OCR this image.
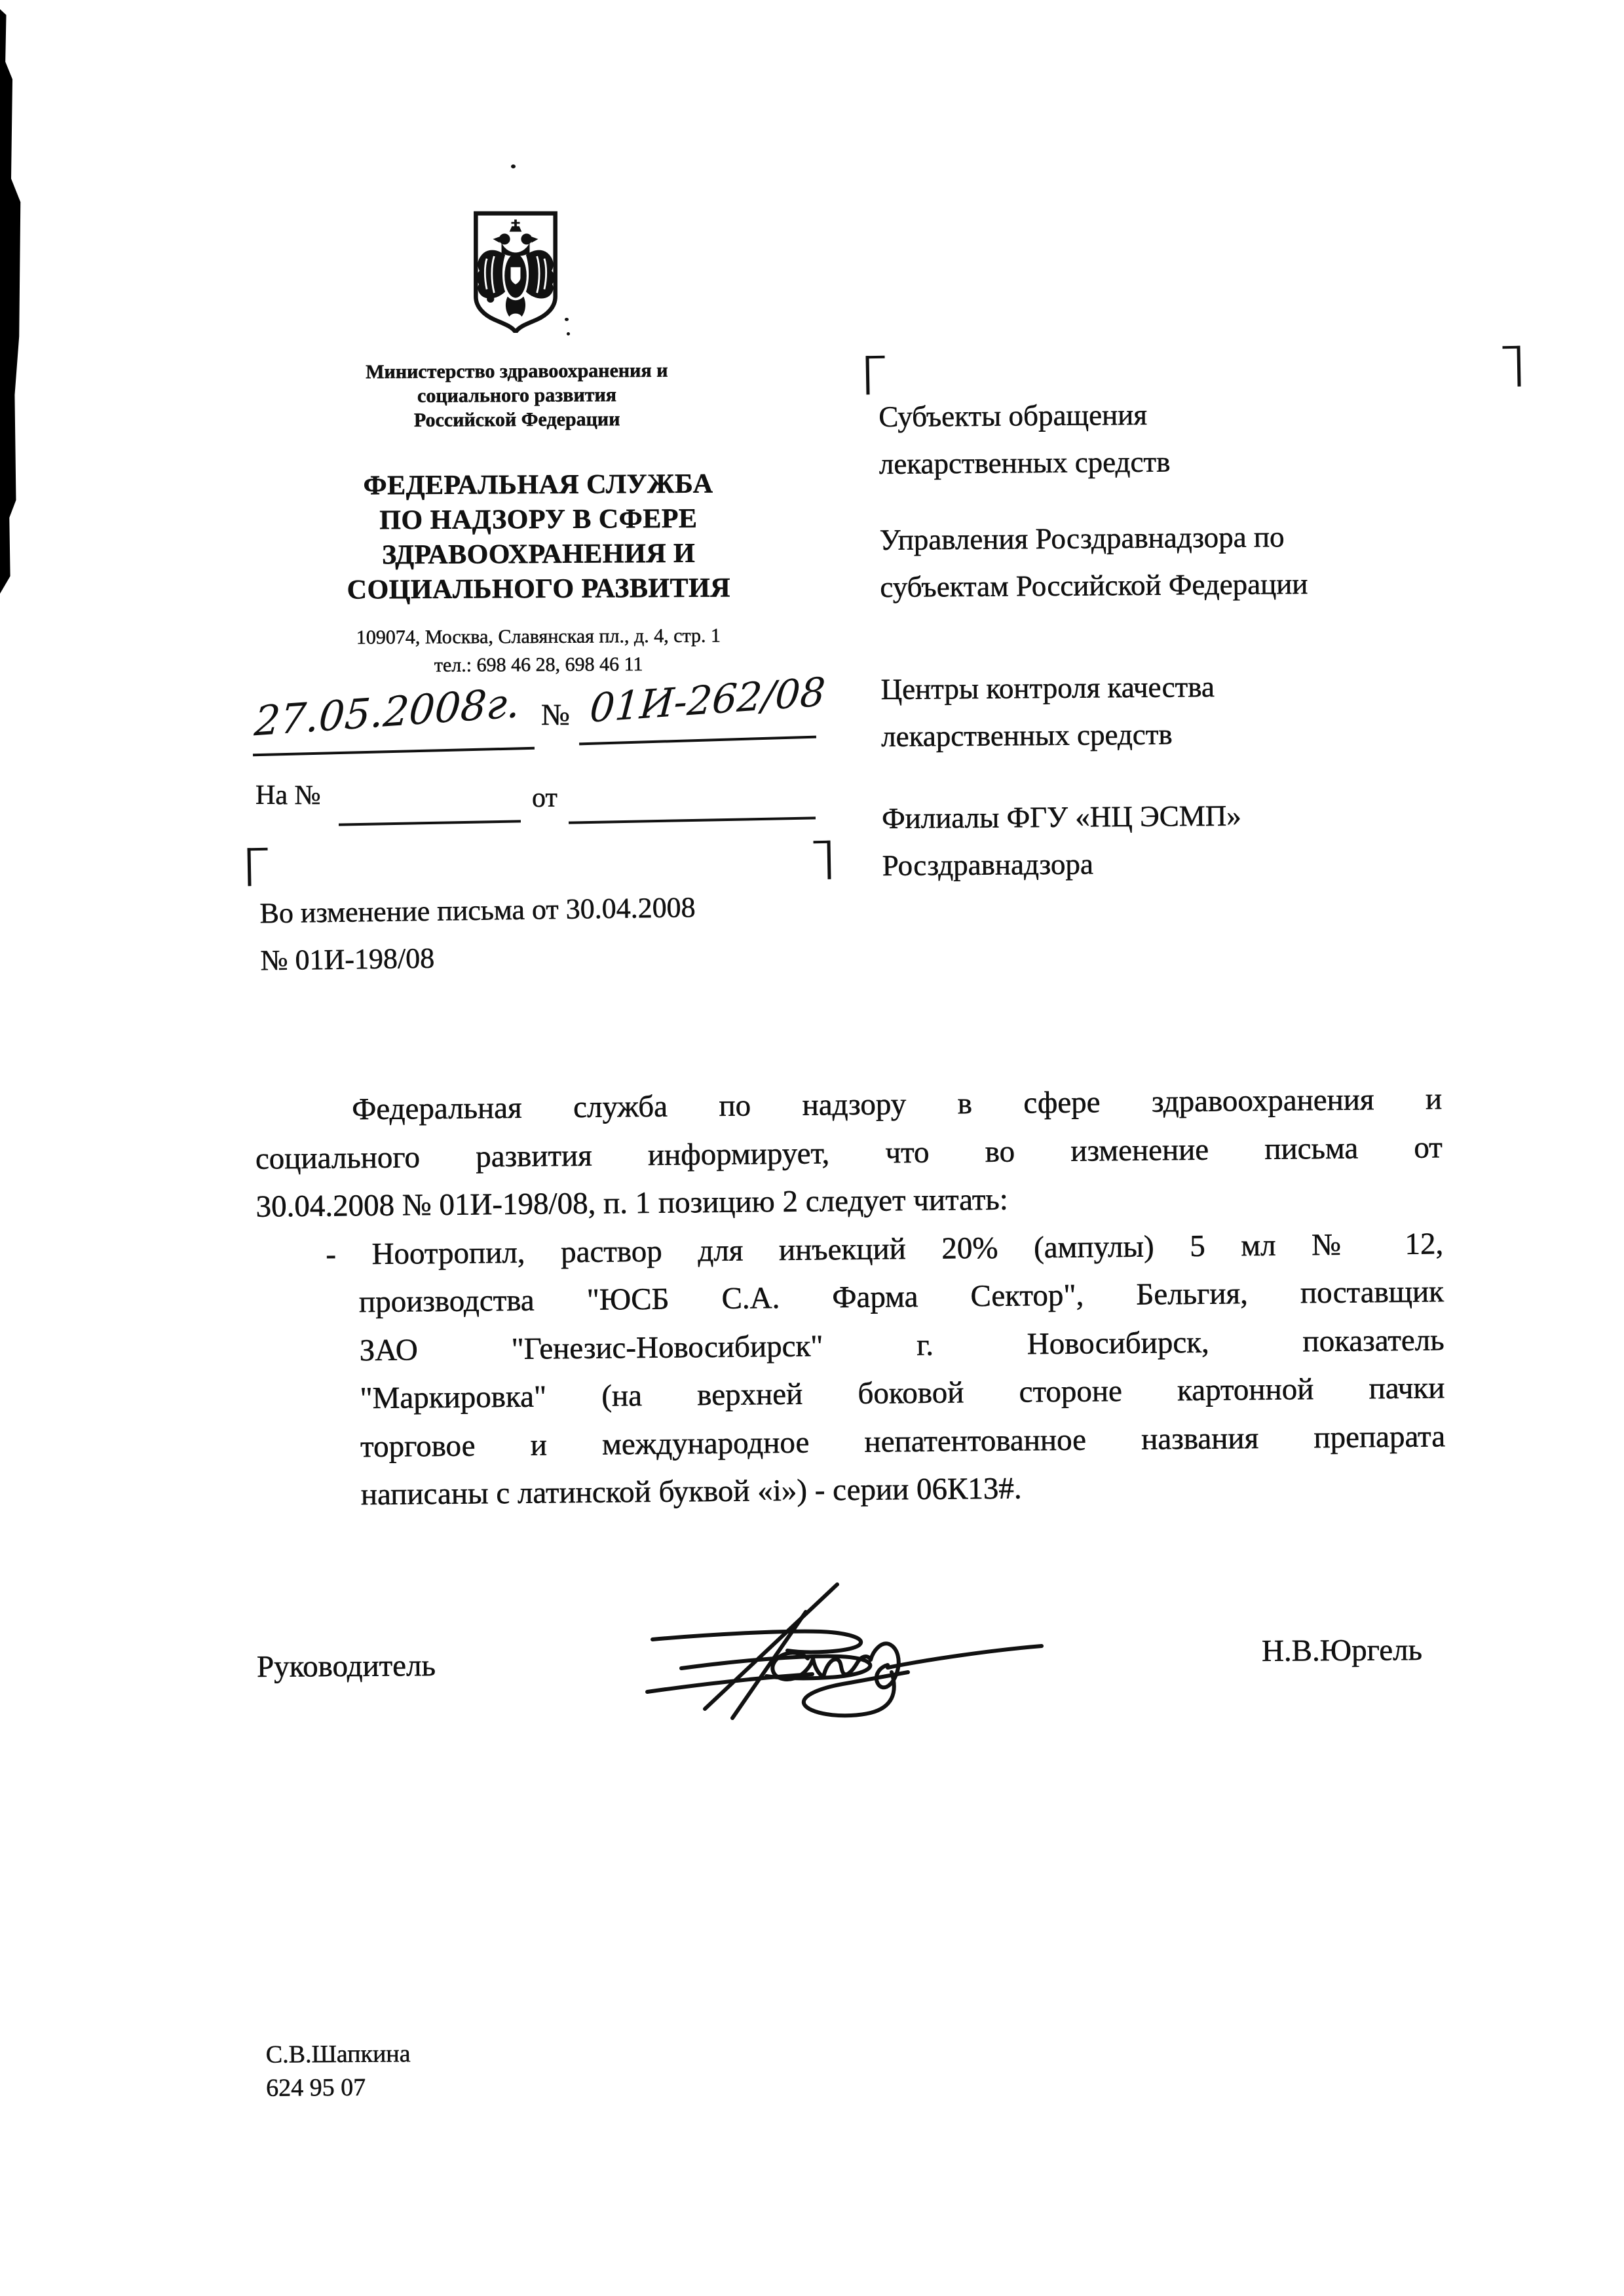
Министерство здравоохранения и
социального развития
Российской Федерации
ФЕДЕРАЛЬНАЯ СЛУЖБА
ПО НАДЗОРУ В СФЕРЕ
ЗДРАВООХРАНЕНИЯ И
СОЦИАЛЬНОГО РАЗВИТИЯ
109074, Москва, Славянская пл., д. 4, стр. 1
тел.: 698 46 28, 698 46 11
27.05.2008г. № 01И-262/08
На №	от
Во изменение письма от 30.04.2008
№ 01И-198/08
Субъекты обращения
лекарственных средств
Управления Росздравнадзора по
субъектам Российской Федерации
Центры контроля качества
лекарственных средств
Филиалы ФГУ «НЦ ЭСМП»
Росздравнадзора
Федеральная служба по надзору в сфере здравоохранения и
социального развития информирует, что во изменение письма от
30.04.2008 № 01И-198/08, п. 1 позицию 2 следует читать:
- Ноотропил, раствор для инъекций 20% (ампулы) 5 мл № 12,
производства "ЮСБ С.А. Фарма Сектор", Бельгия, поставщик
ЗАО "Генезис-Новосибирск" г. Новосибирск, показатель
"Маркировка" (на верхней боковой стороне картонной пачки
торговое и международное непатентованное названия препарата
написаны с латинской буквой «i») - серии 06К13#.
Руководитель	Н.В.Юргель
С.В.Шапкина
624 95 07
